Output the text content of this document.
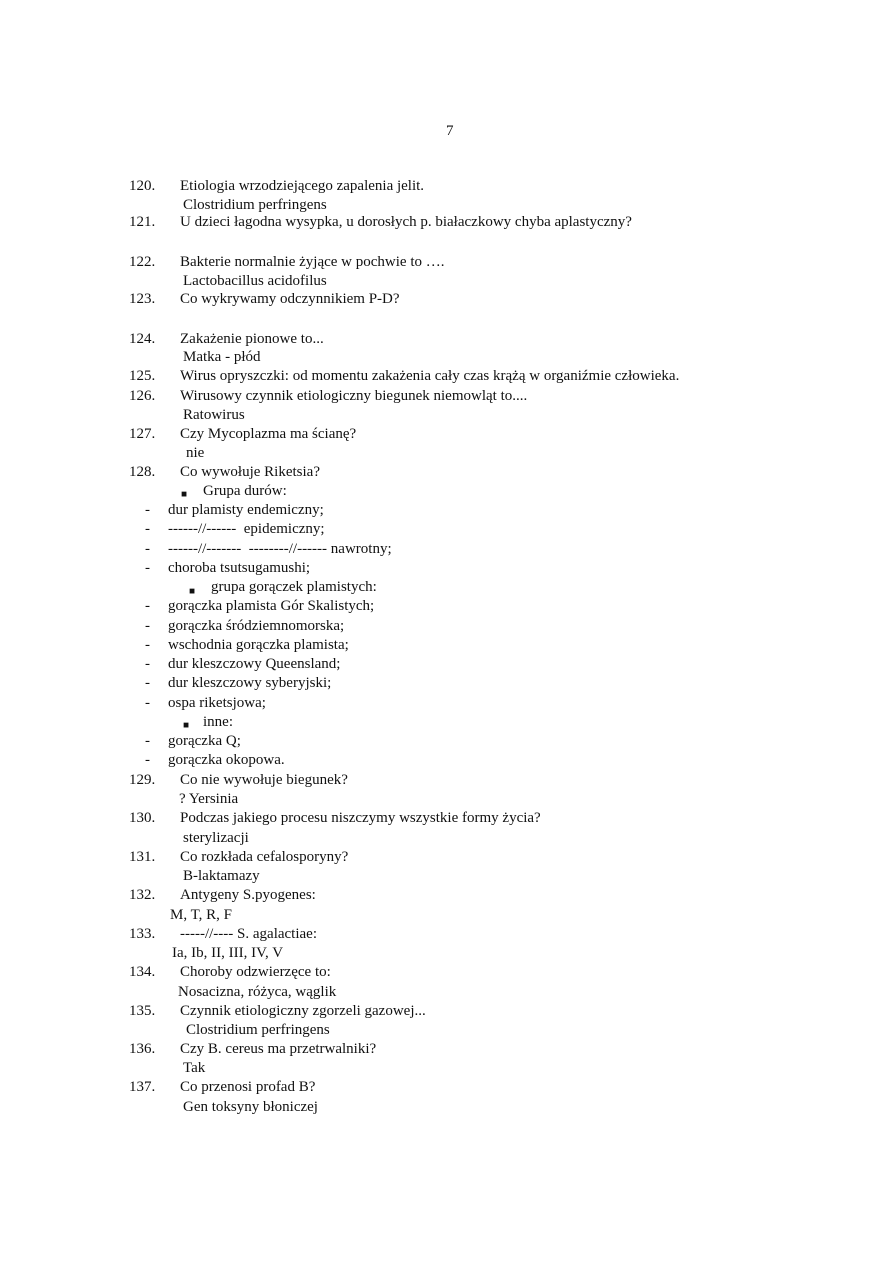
7
120. Etiologia wrzodziejącego zapalenia jelit.
Clostridium perfringens
121. U dzieci łagodna wysypka, u dorosłych p. białaczkowy chyba aplastyczny?
122. Bakterie normalnie żyjące w pochwie to ….
Lactobacillus acidofilus
123. Co wykrywamy odczynnikiem P-D?
124. Zakażenie pionowe to...
Matka - płód
125. Wirus opryszczki: od momentu zakażenia cały czas krążą w organiźmie człowieka.
126. Wirusowy czynnik etiologiczny biegunek niemowląt to....
Ratowirus
127. Czy Mycoplazma ma ścianę?
nie
128. Co wywołuje Riketsia?
■ Grupa durów:
- dur plamisty endemiczny;
- ------//------  epidemiczny;
- ------//-------  --------//------ nawrotny;
- choroba tsutsugamushi;
■ grupa gorączek plamistych:
- gorączka plamista Gór Skalistych;
- gorączka śródziemnomorska;
- wschodnia gorączka plamista;
- dur kleszczowy Queensland;
- dur kleszczowy syberyjski;
- ospa riketsjowa;
■ inne:
- gorączka Q;
- gorączka okopowa.
129. Co nie wywołuje biegunek?
? Yersinia
130. Podczas jakiego procesu niszczymy wszystkie formy życia?
sterylizacji
131. Co rozkłada cefalosporyny?
B-laktamazy
132. Antygeny S.pyogenes:
M, T, R, F
133. -----//---- S. agalactiae:
Ia, Ib, II, III, IV, V
134. Choroby odzwierzęce to:
Nosacizna, różyca, wąglik
135. Czynnik etiologiczny zgorzeli gazowej...
Clostridium perfringens
136. Czy B. cereus ma przetrwalniki?
Tak
137. Co przenosi profad B?
Gen toksyny błoniczej
